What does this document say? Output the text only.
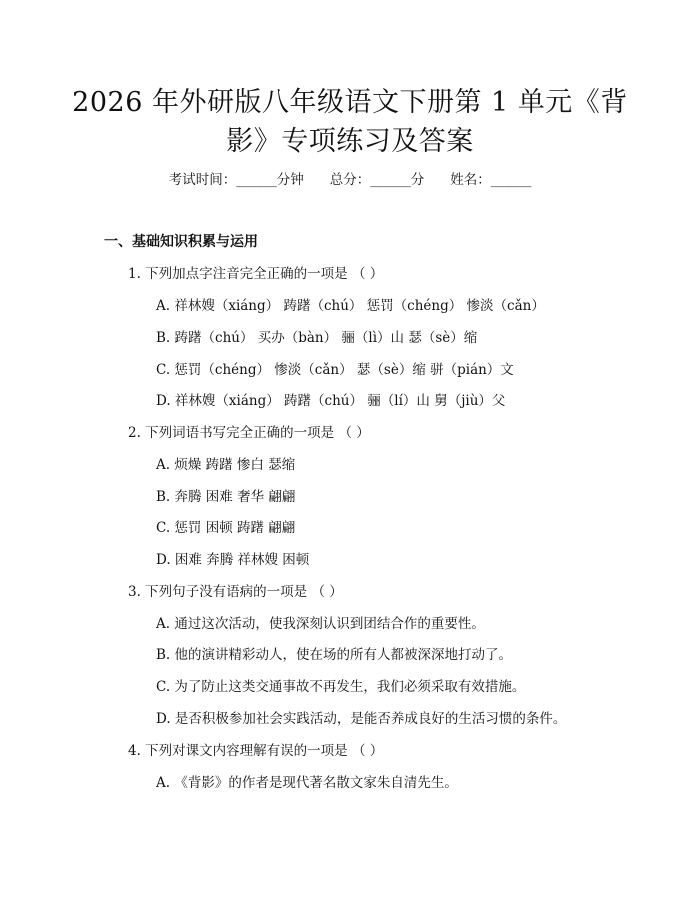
2026 年外研版八年级语文下册第 1 单元《背
影》专项练习及答案
考试时间：______分钟 总分：______分 姓名：______
一、基础知识积累与运用
1. 下列加点字注音完全正确的一项是 （ ）
A. 祥林嫂（xiáng） 踌躇（chú） 惩罚（chéng） 惨淡（cǎn）
B. 踌躇（chú） 买办（bàn） 骊（lì）山 瑟（sè）缩
C. 惩罚（chéng） 惨淡（cǎn） 瑟（sè）缩 骈（pián）文
D. 祥林嫂（xiáng） 踌躇（chú） 骊（lí）山 舅（jiù）父
2. 下列词语书写完全正确的一项是 （ ）
A. 烦燥 踌躇 惨白 瑟缩
B. 奔腾 困难 奢华 翩翩
C. 惩罚 困顿 踌躇 翩翩
D. 困难 奔腾 祥林嫂 困顿
3. 下列句子没有语病的一项是 （ ）
A. 通过这次活动，使我深刻认识到团结合作的重要性。
B. 他的演讲精彩动人，使在场的所有人都被深深地打动了。
C. 为了防止这类交通事故不再发生，我们必须采取有效措施。
D. 是否积极参加社会实践活动，是能否养成良好的生活习惯的条件。
4. 下列对课文内容理解有误的一项是 （ ）
A. 《背影》的作者是现代著名散文家朱自清先生。
